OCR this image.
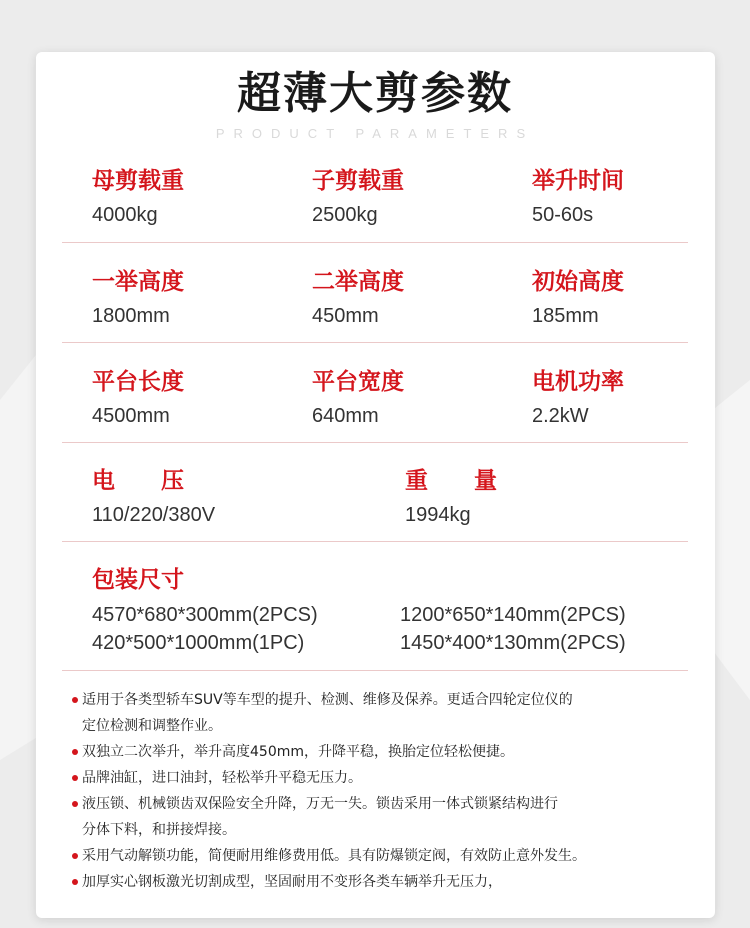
超薄大剪参数
PRODUCT PARAMETERS
母剪载重
4000kg
子剪载重
2500kg
举升时间
50-60s
一举高度
1800mm
二举高度
450mm
初始高度
185mm
平台长度
4500mm
平台宽度
640mm
电机功率
2.2kW
电　　压
110/220/380V
重　　量
1994kg
包装尺寸
4570*680*300mm(2PCS)	1200*650*140mm(2PCS)
420*500*1000mm(1PC)	1450*400*130mm(2PCS)
适用于各类型轿车SUV等车型的提升、检测、维修及保养。更适合四轮定位仪的
定位检测和调整作业。
双独立二次举升，举升高度450mm，升降平稳，换胎定位轻松便捷。
品牌油缸，进口油封，轻松举升平稳无压力。
液压锁、机械锁齿双保险安全升降，万无一失。锁齿采用一体式锁紧结构进行
分体下料，和拼接焊接。
采用气动解锁功能，简便耐用维修费用低。具有防爆锁定阀，有效防止意外发生。
加厚实心钢板激光切割成型，坚固耐用不变形各类车辆举升无压力，
